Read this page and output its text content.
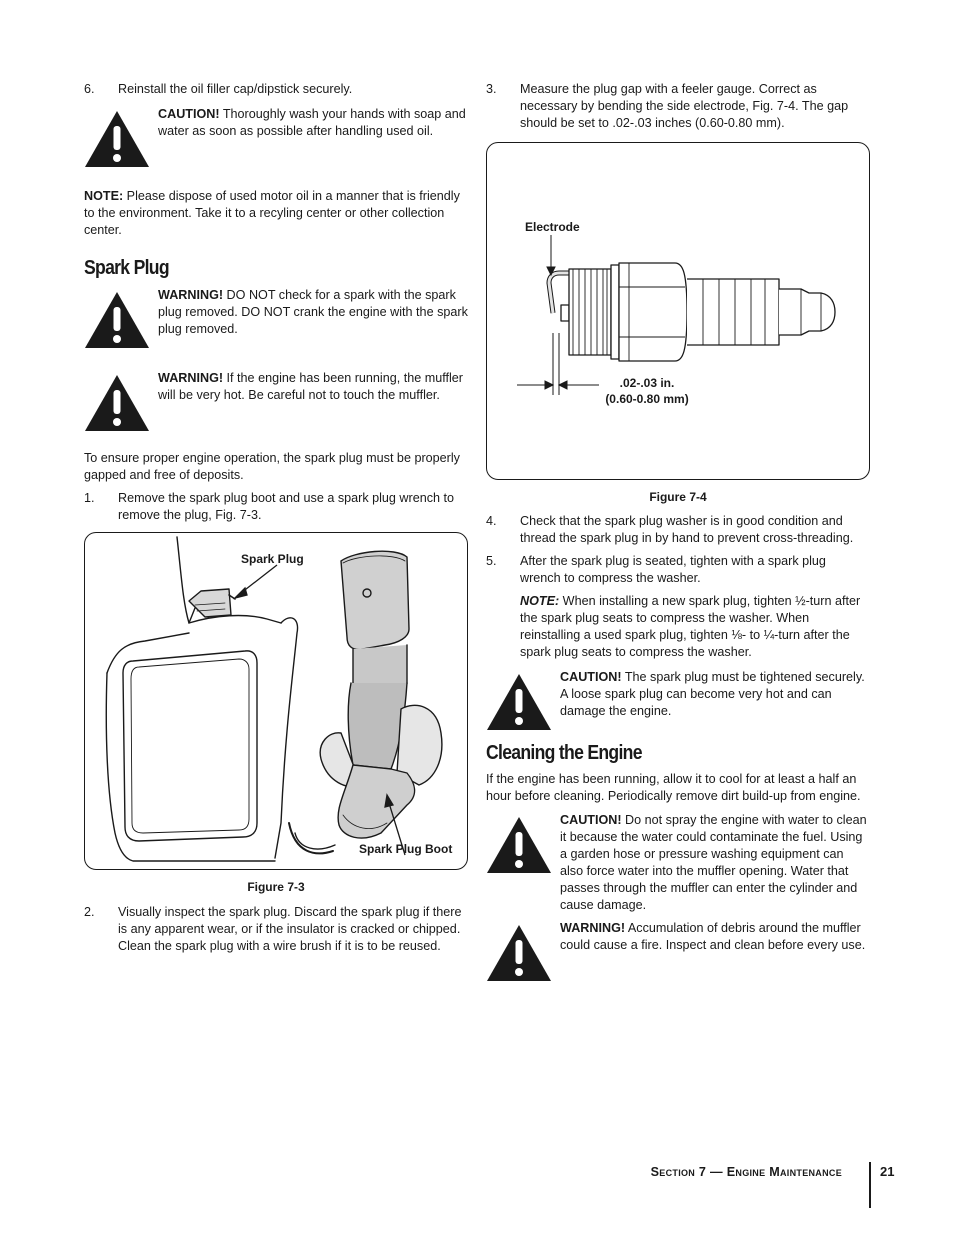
6. Reinstall the oil filler cap/dipstick securely.

CAUTION! Thoroughly wash your hands with soap and water as soon as possible after handling used oil.

NOTE: Please dispose of used motor oil in a manner that is friendly to the environment. Take it to a recyling center or other collection center.

Spark Plug

WARNING! DO NOT check for a spark with the spark plug removed. DO NOT crank the engine with the spark plug removed.

WARNING! If the engine has been running, the muffler will be very hot. Be careful not to touch the muffler.

To ensure proper engine operation, the spark plug must be properly gapped and free of deposits.

1. Remove the spark plug boot and use a spark plug wrench to remove the plug, Fig. 7-3.

Spark Plug
Spark Plug Boot
Figure 7-3
2. Visually inspect the spark plug. Discard the spark plug if there is any apparent wear, or if the insulator is cracked or chipped. Clean the spark plug with a wire brush if it is to be reused.

3. Measure the plug gap with a feeler gauge. Correct as necessary by bending the side electrode, Fig. 7-4. The gap should be set to .02-.03 inches (0.60-0.80 mm).

Electrode
.02-.03 in.
(0.60-0.80 mm)
Figure 7-4
4. Check that the spark plug washer is in good condition and thread the spark plug in by hand to prevent cross-threading.

5. After the spark plug is seated, tighten with a spark plug wrench to compress the washer.

NOTE: When installing a new spark plug, tighten ½-turn after the spark plug seats to compress the washer. When reinstalling a used spark plug, tighten ⅛- to ¼-turn after the spark plug seats to compress the washer.

CAUTION! The spark plug must be tightened securely. A loose spark plug can become very hot and can damage the engine.

Cleaning the Engine

If the engine has been running, allow it to cool for at least a half an hour before cleaning. Periodically remove dirt build-up from engine.

CAUTION! Do not spray the engine with water to clean it because the water could contaminate the fuel. Using a garden hose or pressure washing equipment can also force water into the muffler opening. Water that passes through the muffler can enter the cylinder and cause damage.

WARNING! Accumulation of debris around the muffler could cause a fire. Inspect and clean before every use.

Section 7 — Engine Maintenance	21
